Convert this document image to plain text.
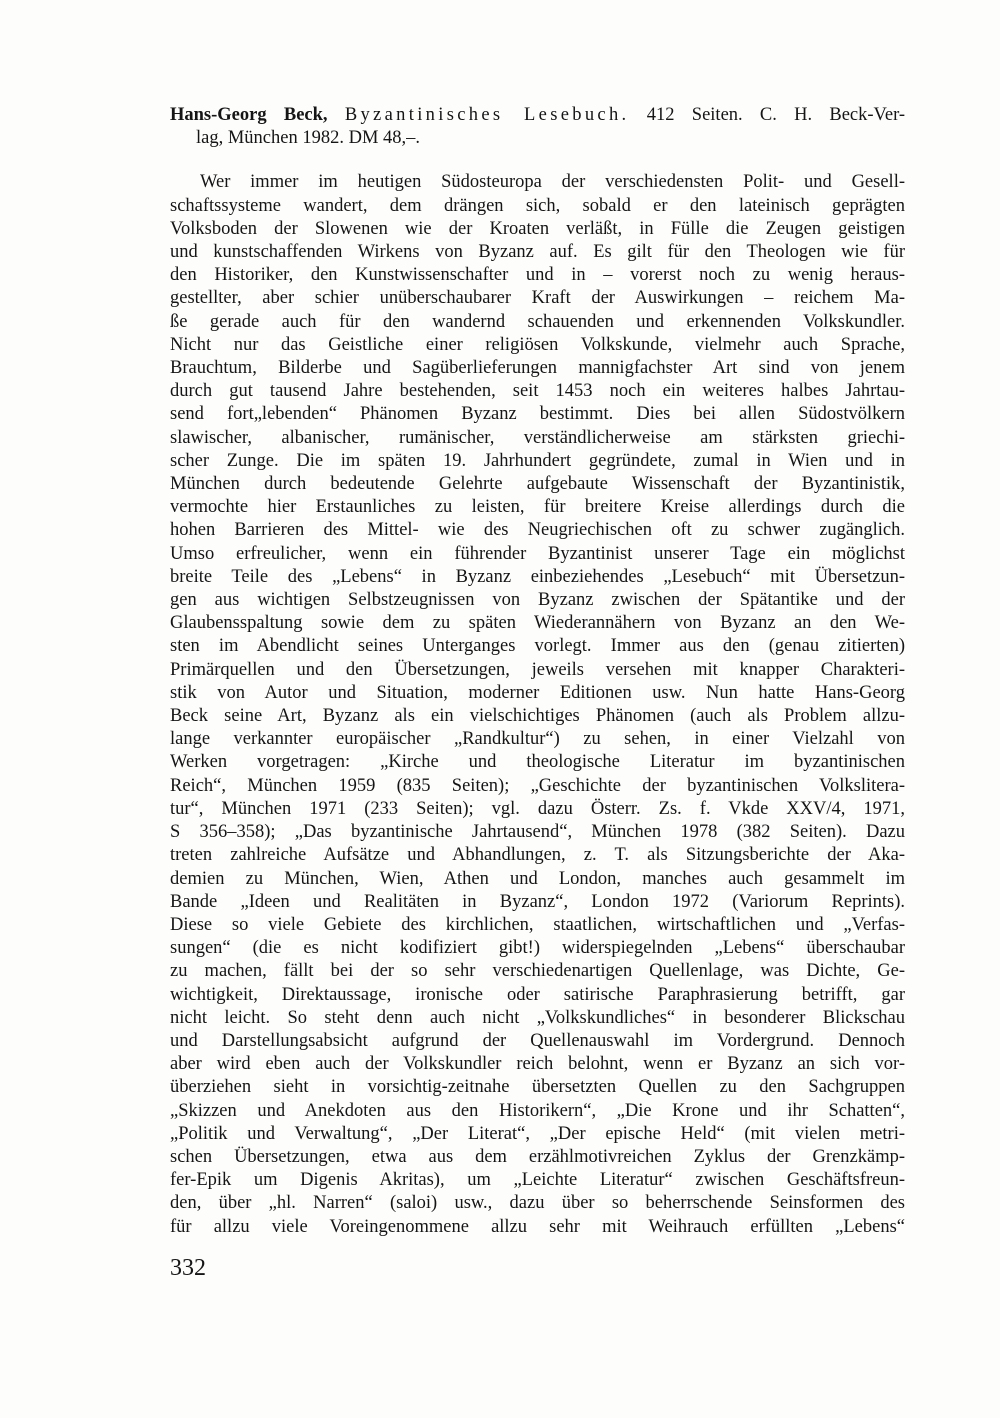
Hans-Georg Beck, Byzantinisches Lesebuch. 412 Seiten. C. H. Beck-Ver-
lag, München 1982. DM 48,–.
Wer immer im heutigen Südosteuropa der verschiedensten Polit- und Gesell-
schaftssysteme wandert, dem drängen sich, sobald er den lateinisch geprägten
Volksboden der Slowenen wie der Kroaten verläßt, in Fülle die Zeugen geistigen
und kunstschaffenden Wirkens von Byzanz auf. Es gilt für den Theologen wie für
den Historiker, den Kunstwissenschafter und in – vorerst noch zu wenig heraus-
gestellter, aber schier unüberschaubarer Kraft der Auswirkungen – reichem Ma-
ße gerade auch für den wandernd schauenden und erkennenden Volkskundler.
Nicht nur das Geistliche einer religiösen Volkskunde, vielmehr auch Sprache,
Brauchtum, Bilderbe und Sagüberlieferungen mannigfachster Art sind von jenem
durch gut tausend Jahre bestehenden, seit 1453 noch ein weiteres halbes Jahrtau-
send fort„lebenden“ Phänomen Byzanz bestimmt. Dies bei allen Südostvölkern
slawischer, albanischer, rumänischer, verständlicherweise am stärksten griechi-
scher Zunge. Die im späten 19. Jahrhundert gegründete, zumal in Wien und in
München durch bedeutende Gelehrte aufgebaute Wissenschaft der Byzantinistik,
vermochte hier Erstaunliches zu leisten, für breitere Kreise allerdings durch die
hohen Barrieren des Mittel- wie des Neugriechischen oft zu schwer zugänglich.
Umso erfreulicher, wenn ein führender Byzantinist unserer Tage ein möglichst
breite Teile des „Lebens“ in Byzanz einbeziehendes „Lesebuch“ mit Übersetzun-
gen aus wichtigen Selbstzeugnissen von Byzanz zwischen der Spätantike und der
Glaubensspaltung sowie dem zu späten Wiederannähern von Byzanz an den We-
sten im Abendlicht seines Unterganges vorlegt. Immer aus den (genau zitierten)
Primärquellen und den Übersetzungen, jeweils versehen mit knapper Charakteri-
stik von Autor und Situation, moderner Editionen usw. Nun hatte Hans-Georg
Beck seine Art, Byzanz als ein vielschichtiges Phänomen (auch als Problem allzu-
lange verkannter europäischer „Randkultur“) zu sehen, in einer Vielzahl von
Werken vorgetragen: „Kirche und theologische Literatur im byzantinischen
Reich“, München 1959 (835 Seiten); „Geschichte der byzantinischen Volkslitera-
tur“, München 1971 (233 Seiten); vgl. dazu Österr. Zs. f. Vkde XXV/4, 1971,
S 356–358); „Das byzantinische Jahrtausend“, München 1978 (382 Seiten). Dazu
treten zahlreiche Aufsätze und Abhandlungen, z. T. als Sitzungsberichte der Aka-
demien zu München, Wien, Athen und London, manches auch gesammelt im
Bande „Ideen und Realitäten in Byzanz“, London 1972 (Variorum Reprints).
Diese so viele Gebiete des kirchlichen, staatlichen, wirtschaftlichen und „Verfas-
sungen“ (die es nicht kodifiziert gibt!) widerspiegelnden „Lebens“ überschaubar
zu machen, fällt bei der so sehr verschiedenartigen Quellenlage, was Dichte, Ge-
wichtigkeit, Direktaussage, ironische oder satirische Paraphrasierung betrifft, gar
nicht leicht. So steht denn auch nicht „Volkskundliches“ in besonderer Blickschau
und Darstellungsabsicht aufgrund der Quellenauswahl im Vordergrund. Dennoch
aber wird eben auch der Volkskundler reich belohnt, wenn er Byzanz an sich vor-
überziehen sieht in vorsichtig-zeitnahe übersetzten Quellen zu den Sachgruppen
„Skizzen und Anekdoten aus den Historikern“, „Die Krone und ihr Schatten“,
„Politik und Verwaltung“, „Der Literat“, „Der epische Held“ (mit vielen metri-
schen Übersetzungen, etwa aus dem erzählmotivreichen Zyklus der Grenzkämp-
fer-Epik um Digenis Akritas), um „Leichte Literatur“ zwischen Geschäftsfreun-
den, über „hl. Narren“ (saloi) usw., dazu über so beherrschende Seinsformen des
für allzu viele Voreingenommene allzu sehr mit Weihrauch erfüllten „Lebens“
332
